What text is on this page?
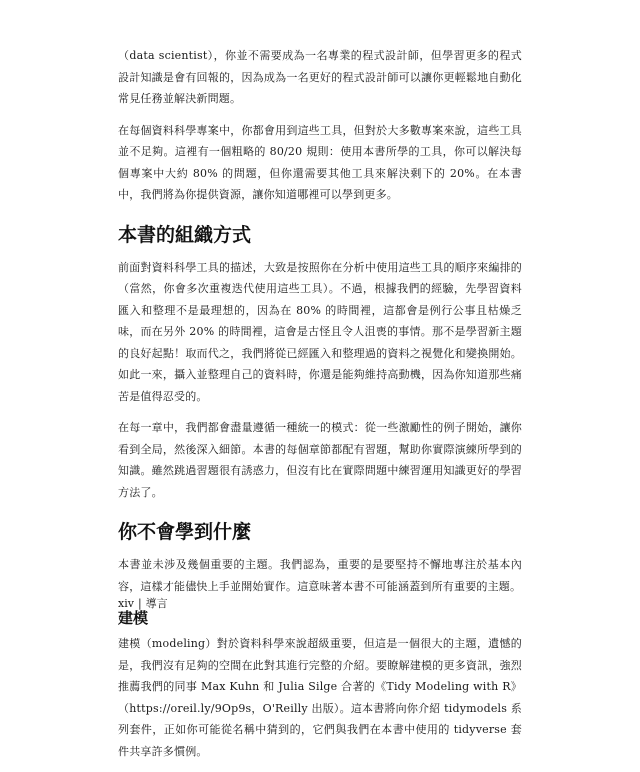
（data scientist），你並不需要成為一名專業的程式設計師，但學習更多的程式設計知識是會有回報的，因為成為一名更好的程式設計師可以讓你更輕鬆地自動化常見任務並解決新問題。

在每個資料科學專案中，你都會用到這些工具，但對於大多數專案來說，這些工具並不足夠。這裡有一個粗略的 80/20 規則：使用本書所學的工具，你可以解決每個專案中大約 80% 的問題，但你還需要其他工具來解決剩下的 20%。在本書中，我們將為你提供資源，讓你知道哪裡可以學到更多。

本書的組織方式

前面對資料科學工具的描述，大致是按照你在分析中使用這些工具的順序來編排的（當然，你會多次重複迭代使用這些工具）。不過，根據我們的經驗，先學習資料匯入和整理不是最理想的，因為在 80% 的時間裡，這都會是例行公事且枯燥乏味，而在另外 20% 的時間裡，這會是古怪且令人沮喪的事情。那不是學習新主題的良好起點！取而代之，我們將從已經匯入和整理過的資料之視覺化和變換開始。如此一來，攝入並整理自己的資料時，你還是能夠維持高動機，因為你知道那些痛苦是值得忍受的。

在每一章中，我們都會盡量遵循一種統一的模式：從一些激勵性的例子開始，讓你看到全局，然後深入細節。本書的每個章節都配有習題，幫助你實際演練所學到的知識。雖然跳過習題很有誘惑力，但沒有比在實際問題中練習運用知識更好的學習方法了。

你不會學到什麼

本書並未涉及幾個重要的主題。我們認為，重要的是要堅持不懈地專注於基本內容，這樣才能儘快上手並開始實作。這意味著本書不可能涵蓋到所有重要的主題。

建模

建模（modeling）對於資料科學來說超級重要，但這是一個很大的主題，遺憾的是，我們沒有足夠的空間在此對其進行完整的介紹。要瞭解建模的更多資訊，強烈推薦我們的同事 Max Kuhn 和 Julia Silge 合著的《Tidy Modeling with R》（https://oreil.ly/9Op9s，O'Reilly 出版）。這本書將向你介紹 tidymodels 系列套件，正如你可能從名稱中猜到的，它們與我們在本書中使用的 tidyverse 套件共享許多慣例。

xiv | 導言
